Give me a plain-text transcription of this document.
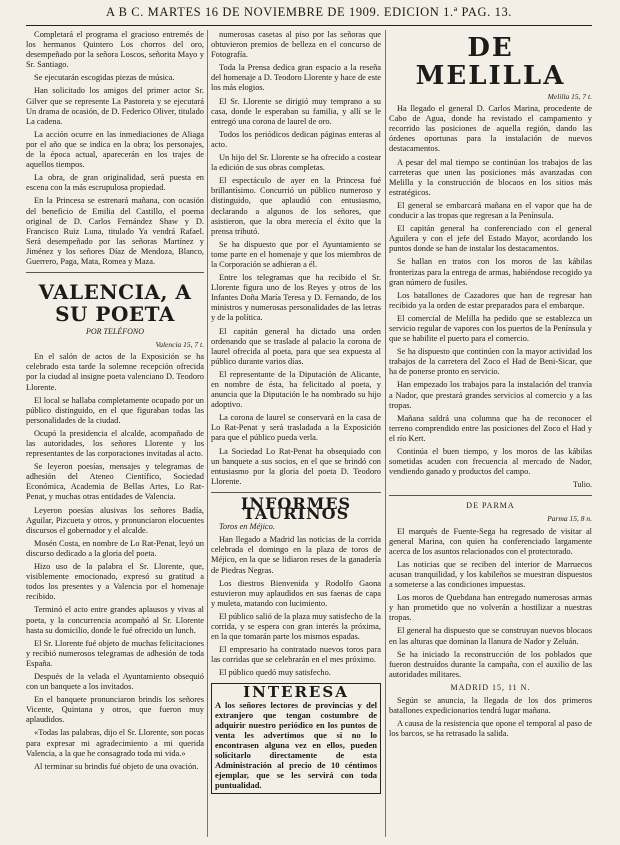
A B C. MARTES 16 DE NOVIEMBRE DE 1909. EDICION 1.ª PAG. 13.

Completará el programa el gracioso entremés de los hermanos Quintero Los chorros del oro, desempeñado por la señora Loscos, señorita Mayo y Sr. Santiago.

Se ejecutarán escogidas piezas de música.

Han solicitado los amigos del primer actor Sr. Gilver que se represente La Pastoreta y se ejecutará Un drama de ocasión, de D. Federico Oliver, titulado La cadena.

La acción ocurre en las inmediaciones de Aliaga por el año que se indica en la obra; los personajes, de la época actual, aparecerán en los trajes de aquellos tiempos.

La obra, de gran originalidad, será puesta en escena con la más escrupulosa propiedad.

En la Princesa se estrenará mañana, con ocasión del beneficio de Emilia del Castillo, el poema original de D. Carlos Fernández Shaw y D. Francisco Ruiz Luna, titulado Ya vendrá Rafael. Será desempeñado por las señoras Martínez y Jiménez y los señores Díaz de Mendoza, Blanco, Guerrero, Paga, Mata, Romea y Maza.

VALENCIA, A SU POETA
POR TELÉFONO
Valencia 15, 7 t.

En el salón de actos de la Exposición se ha celebrado esta tarde la solemne recepción ofrecida por la ciudad al insigne poeta valenciano D. Teodoro Llorente.

El local se hallaba completamente ocupado por un público distinguido, en el que figuraban todas las personalidades de la ciudad.

Ocupó la presidencia el alcalde, acompañado de las autoridades, los señores Llorente y los representantes de las corporaciones invitadas al acto.

Se leyeron poesías, mensajes y telegramas de adhesión del Ateneo Científico, Sociedad Económica, Academia de Bellas Artes, Lo Rat-Penat, y muchas otras entidades de Valencia.

Leyeron poesías alusivas los señores Badía, Aguilar, Pizcueta y otros, y pronunciaron elocuentes discursos el gobernador y el alcalde.

Mosén Costa, en nombre de Lo Rat-Penat, leyó un discurso dedicado a la gloria del poeta.

Hizo uso de la palabra el Sr. Llorente, que, visiblemente emocionado, expresó su gratitud a todos los presentes y a Valencia por el homenaje recibido.

Terminó el acto entre grandes aplausos y vivas al poeta, y la concurrencia acompañó al Sr. Llorente hasta su domicilio, donde le fué ofrecido un lunch.

El Sr. Llorente fué objeto de muchas felicitaciones y recibió numerosos telegramas de adhesión de toda España.

Después de la velada el Ayuntamiento obsequió con un banquete a los invitados.

En el banquete pronunciaron brindis los señores Vicente, Quintana y otros, que fueron muy aplaudidos.

«Todas las palabras, dijo el Sr. Llorente, son pocas para expresar mi agradecimiento a mi querida Valencia, a la que he consagrado toda mi vida.»

Al terminar su brindis fué objeto de una ovación.

numerosas casetas al piso por las señoras que obtuvieron premios de belleza en el concurso de Fotografía.

Toda la Prensa dedica gran espacio a la reseña del homenaje a D. Teodoro Llorente y hace de este los más elogios.

El Sr. Llorente se dirigió muy temprano a su casa, donde le esperaban su familia, y allí se le entregó una corona de laurel de oro.

Todos los periódicos dedican páginas enteras al acto.

Un hijo del Sr. Llorente se ha ofrecido a costear la edición de sus obras completas.

El espectáculo de ayer en la Princesa fué brillantísimo. Concurrió un público numeroso y distinguido, que aplaudió con entusiasmo, declarando a algunos de los señores, que asistieron, que la obra merecía el éxito que la prensa tributó.

Se ha dispuesto que por el Ayuntamiento se tome parte en el homenaje y que los miembros de la Corporación se adhieran a él.

Entre los telegramas que ha recibido el Sr. Llorente figura uno de los Reyes y otros de los Infantes Doña María Teresa y D. Fernando, de los ministros y numerosas personalidades de las letras y de la política.

El capitán general ha dictado una orden ordenando que se traslade al palacio la corona de laurel ofrecida al poeta, para que sea expuesta al público durante varios días.

El representante de la Diputación de Alicante, en nombre de ésta, ha felicitado al poeta, y anuncia que la Diputación le ha nombrado su hijo adoptivo.

La corona de laurel se conservará en la casa de Lo Rat-Penat y será trasladada a la Exposición para que el público pueda verla.

La Sociedad Lo Rat-Penat ha obsequiado con un banquete a sus socios, en el que se brindó con entusiasmo por la gloria del poeta D. Teodoro Llorente.

INFORMES TAURINOS

Toros en Méjico.

Han llegado a Madrid las noticias de la corrida celebrada el domingo en la plaza de toros de Méjico, en la que se lidiaron reses de la ganadería de Piedras Negras.

Los diestros Bienvenida y Rodolfo Gaona estuvieron muy aplaudidos en sus faenas de capa y muleta, matando con lucimiento.

El público salió de la plaza muy satisfecho de la corrida, y se espera con gran interés la próxima, en la que tomarán parte los mismos espadas.

El empresario ha contratado nuevos toros para las corridas que se celebrarán en el mes próximo.

El público quedó muy satisfecho.

INTERESA
A los señores lectores de provincias y del extranjero que tengan costumbre de adquirir nuestro periódico en los puntos de venta les advertimos que si no lo encontrasen alguna vez en ellos, pueden solicitarlo directamente de esta Administración al precio de 10 céntimos ejemplar, que se les servirá con toda puntualidad.
DE MELILLA
Melilla 15, 7 t.

Ha llegado el general D. Carlos Marina, procedente de Cabo de Agua, donde ha revistado el campamento y recorrido las posiciones de aquella región, dando las órdenes oportunas para la instalación de nuevos destacamentos.

A pesar del mal tiempo se continúan los trabajos de las carreteras que unen las posiciones más avanzadas con Melilla y la construcción de blocaos en los sitios más estratégicos.

El general se embarcará mañana en el vapor que ha de conducir a las tropas que regresan a la Península.

El capitán general ha conferenciado con el general Aguilera y con el jefe del Estado Mayor, acordando los puntos donde se han de instalar los destacamentos.

Se hallan en tratos con los moros de las kábilas fronterizas para la entrega de armas, habiéndose recogido ya gran número de fusiles.

Los batallones de Cazadores que han de regresar han recibido ya la orden de estar preparados para el embarque.

El comercial de Melilla ha pedido que se establezca un servicio regular de vapores con los puertos de la Península y que se habilite el puerto para el comercio.

Se ha dispuesto que continúen con la mayor actividad los trabajos de la carretera del Zoco el Had de Beni-Sicar, que ha de ponerse pronto en servicio.

Han empezado los trabajos para la instalación del tranvía a Nador, que prestará grandes servicios al comercio y a las tropas.

Mañana saldrá una columna que ha de reconocer el terreno comprendido entre las posiciones del Zoco el Had y el río Kert.

Continúa el buen tiempo, y los moros de las kábilas sometidas acuden con frecuencia al mercado de Nador, vendiendo ganado y productos del campo.

Tulio.
DE PARMA
Parma 15, 8 n.

El marqués de Fuente-Sega ha regresado de visitar al general Marina, con quien ha conferenciado largamente acerca de los asuntos relacionados con el protectorado.

Las noticias que se reciben del interior de Marruecos acusan tranquilidad, y los kabileños se muestran dispuestos a someterse a las condiciones impuestas.

Los moros de Quebdana han entregado numerosas armas y han prometido que no volverán a hostilizar a nuestras tropas.

El general ha dispuesto que se construyan nuevos blocaos en las alturas que dominan la llanura de Nador y Zeluán.

Se ha iniciado la reconstrucción de los poblados que fueron destruídos durante la campaña, con el auxilio de las autoridades militares.

MADRID 15, 11 N.

Según se anuncia, la llegada de los dos primeros batallones expedicionarios tendrá lugar mañana.

A causa de la resistencia que opone el temporal al paso de los barcos, se ha retrasado la salida.
